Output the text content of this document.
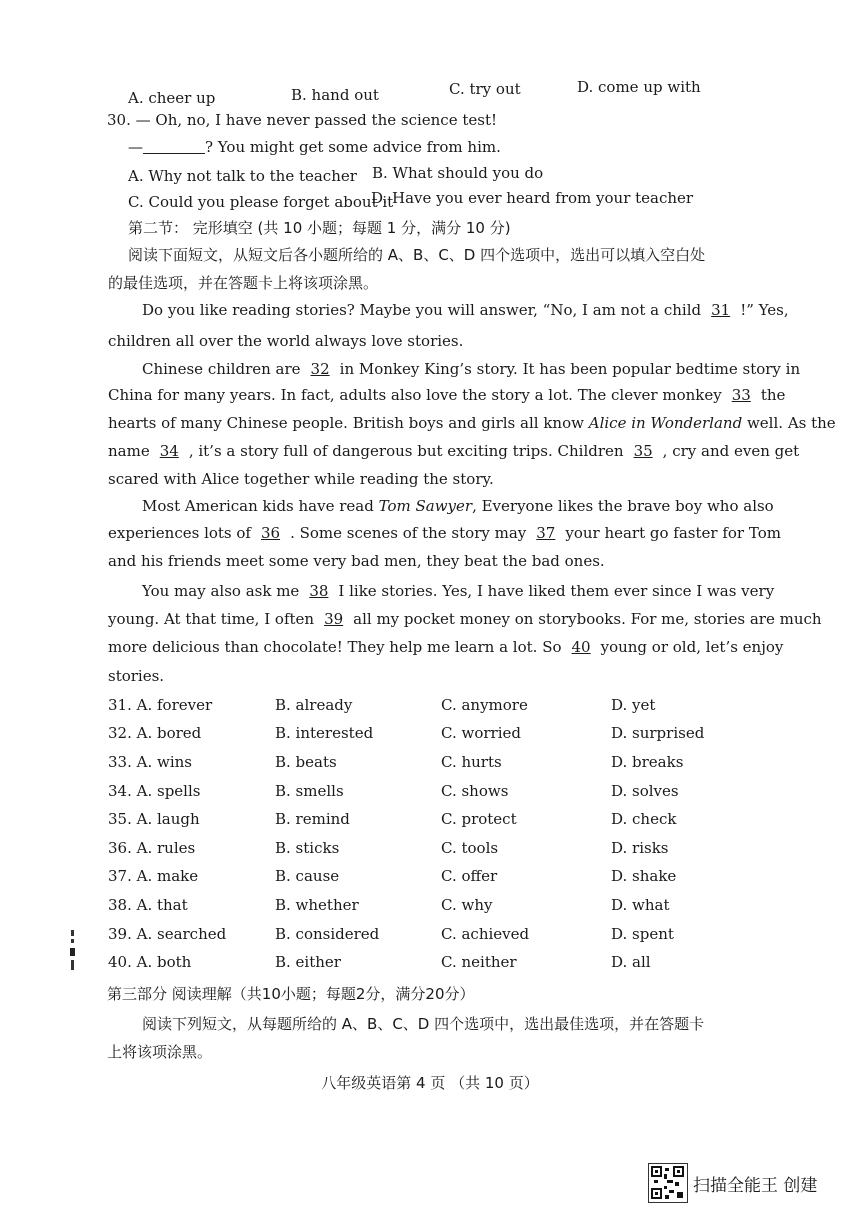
A. cheer up	B. hand out	C. try out	D. come up with
30. — Oh, no, I have never passed the science test!
—	? You might get some advice from him.
A. Why not talk to the teacher B. What should you do
C. Could you please forget about it
D. Have you ever heard from your teacher
第二节： 完形填空 (共 10 小题；每题 1 分，满分 10 分)
阅读下面短文，从短文后各小题所给的 A、B、C、D 四个选项中，选出可以填入空白处
的最佳选项，并在答题卡上将该项涂黑。
Do you like reading stories? Maybe you will answer, “No, I am not a child 31 !” Yes,
children all over the world always love stories.
Chinese children are 32 in Monkey King’s story. It has been popular bedtime story in
China for many years. In fact, adults also love the story a lot. The clever monkey 33 the
hearts of many Chinese people. British boys and girls all know Alice in Wonderland well. As the
name 34 , it’s a story full of dangerous but exciting trips. Children 35 , cry and even get
scared with Alice together while reading the story.
Most American kids have read Tom Sawyer, Everyone likes the brave boy who also
experiences lots of 36 . Some scenes of the story may 37 your heart go faster for Tom
and his friends meet some very bad men, they beat the bad ones.
You may also ask me 38 I like stories. Yes, I have liked them ever since I was very
young. At that time, I often 39 all my pocket money on storybooks. For me, stories are much
more delicious than chocolate! They help me learn a lot. So 40 young or old, let’s enjoy
stories.
31. A. forever	B. already	C. anymore	D. yet
32. A. bored	B. interested	C. worried	D. surprised
33. A. wins	B. beats	C. hurts	D. breaks
34. A. spells	B. smells	C. shows	D. solves
35. A. laugh	B. remind	C. protect	D. check
36. A. rules	B. sticks	C. tools	D. risks
37. A. make	B. cause	C. offer	D. shake
38. A. that	B. whether	C. why	D. what
39. A. searched	B. considered	C. achieved	D. spent
40. A. both	B. either	C. neither	D. all
第三部分 阅读理解（共10小题；每题2分，满分20分）
阅读下列短文，从每题所给的 A、B、C、D 四个选项中，选出最佳选项，并在答题卡
上将该项涂黑。
八年级英语第 4 页 （共 10 页）
扫描全能王 创建
